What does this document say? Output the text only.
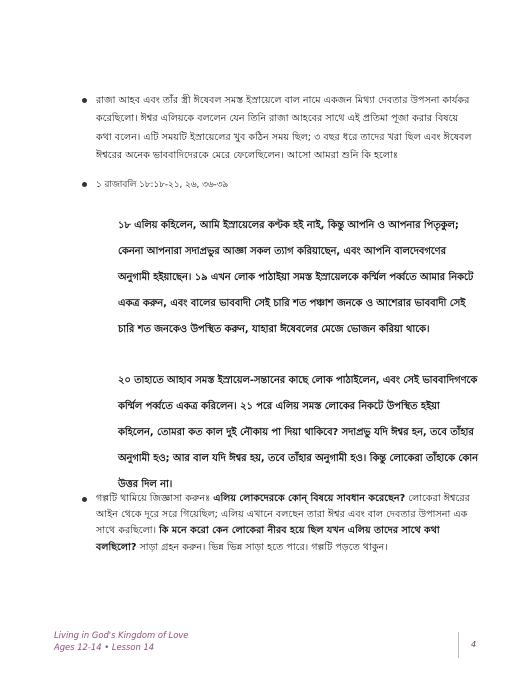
রাজা আহব এবং তাঁর স্ত্রী ঈষেবল সমস্ত ইস্রায়েলে বাল নামে একজন মিথ্যা দেবতার উপসনা কার্যকর করেছিলো। ঈশ্বর এলিয়কে বললেন যেন তিনি রাজা আহবের সাথে এই প্রতিমা পূজা করার বিষয়ে কথা বলেন। এটি সময়টি ইস্রায়েলের খুব কঠিন সময় ছিল; ৩ বছর ধরে তাদের খরা ছিল এবং ঈষেবল ঈশ্বরের অনেক ভাববাদিদেরকে মেরে ফেলেছিলেন। আসো আমরা শুনি কি হলোঃ
১ রাজাবলি ১৮:১৮-২১, ২৬, ৩৬-৩৯
১৮ এলিয় কহিলেন, আমি ইস্রায়েলের কণ্টক হই নাই, কিন্তু আপনি ও আপনার পিতৃকুল; কেননা আপনারা সদাপ্রভুর আজ্ঞা সকল ত্যাগ করিয়াছেন, এবং আপনি বালদেবগণের অনুগামী হইয়াছেন। ১৯ এখন লোক পাঠাইয়া সমস্ত ইস্রায়েলকে কর্ম্মিল পর্ব্বতে আমার নিকটে একত্র করুন, এবং বালের ভাববাদী সেই চারি শত পঞ্চাশ জনকে ও আশেরার ভাববাদী সেই চারি শত জনকেও উপস্থিত করুন, যাহারা ঈষেবলের মেজে ভোজন করিয়া থাকে।
২০ তাহাতে আহাব সমস্ত ইস্রায়েল-সন্তানের কাছে লোক পাঠাইলেন, এবং সেই ভাববাদিগণকে কর্ম্মিল পর্ব্বতে একত্র করিলেন। ২১ পরে এলিয় সমস্ত লোকের নিকটে উপস্থিত হইয়া কহিলেন, তোমরা কত কাল দুই নৌকায় পা দিয়া থাকিবে? সদাপ্রভু যদি ঈশ্বর হন, তবে তাঁহার অনুগামী হও; আর বাল যদি ঈশ্বর হয়, তবে তাঁহার অনুগামী হও। কিন্তু লোকেরা তাঁহাকে কোন উত্তর দিল না।
গল্পটি থামিয়ে জিজ্ঞাসা করুনঃ এলিয় লোকদেরকে কোন্ বিষয়ে সাবধান করেছেন? লোকেরা ঈশ্বরের আইন থেকে দূরে সরে গিয়েছিল; এলিয় এখানে বলছেন তারা ঈশ্বর এবং বাল দেবতার উপাসনা এক সাথে করছিলো। কি মনে করো কেন লোকেরা নীরব হয়ে ছিল যখন এলিয় তাদের সাথে কথা বলছিলো? সাড়া গ্রহন করুন। ভিন্ন ভিন্ন সাড়া হতে পারে। গল্পটি পড়তে থাকুন।
Living in God's Kingdom of Love
Ages 12-14 • Lesson 14	4
